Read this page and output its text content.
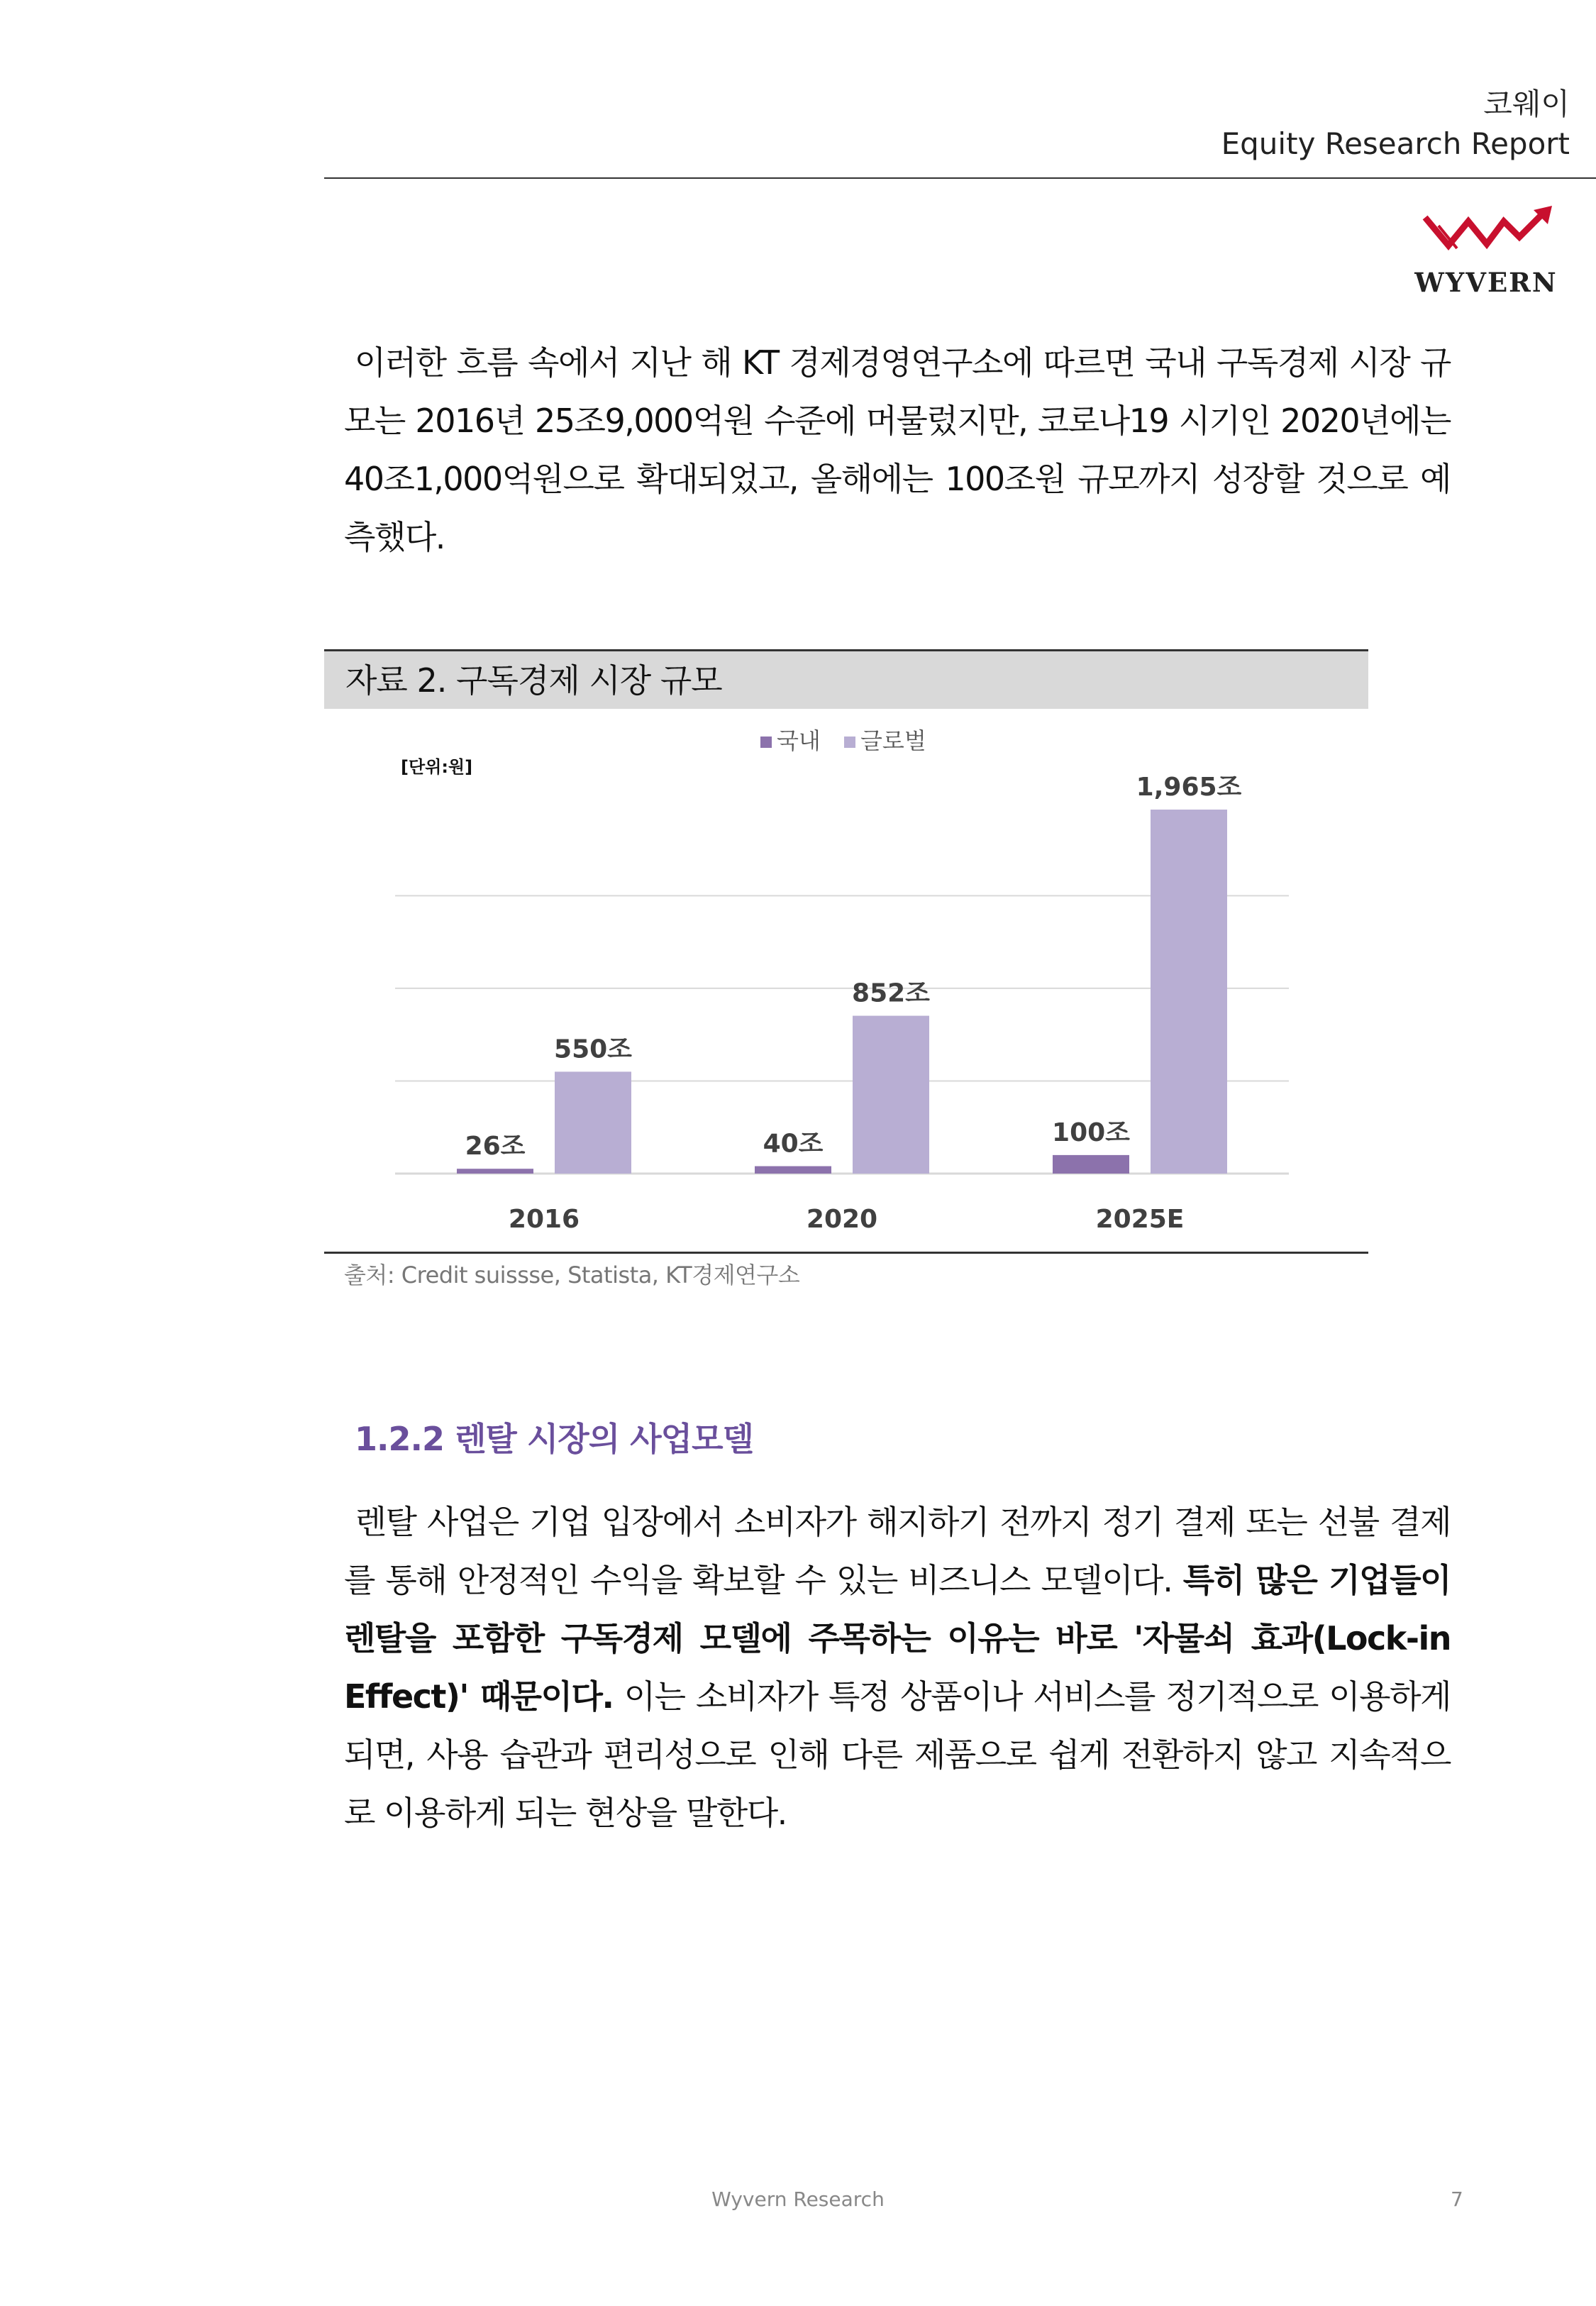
코웨이
Equity Research Report
WYVERN
이러한 흐름 속에서 지난 해 KT 경제경영연구소에 따르면 국내 구독경제 시장 규모는 2016년 25조9,000억원 수준에 머물렀지만, 코로나19 시기인 2020년에는 40조1,000억원으로 확대되었고, 올해에는 100조원 규모까지 성장할 것으로 예측했다.
자료 2. 구독경제 시장 규모
국내 글로벌
[단위:원]
26조
550조
40조
852조
100조
1,965조
2016	2020	2025E
출처: Credit suissse, Statista, KT경제연구소
1.2.2 렌탈 시장의 사업모델
렌탈 사업은 기업 입장에서 소비자가 해지하기 전까지 정기 결제 또는 선불 결제를 통해 안정적인 수익을 확보할 수 있는 비즈니스 모델이다. 특히 많은 기업들이 렌탈을 포함한 구독경제 모델에 주목하는 이유는 바로 '자물쇠 효과(Lock-in Effect)' 때문이다. 이는 소비자가 특정 상품이나 서비스를 정기적으로 이용하게 되면, 사용 습관과 편리성으로 인해 다른 제품으로 쉽게 전환하지 않고 지속적으로 이용하게 되는 현상을 말한다.
Wyvern Research	7
